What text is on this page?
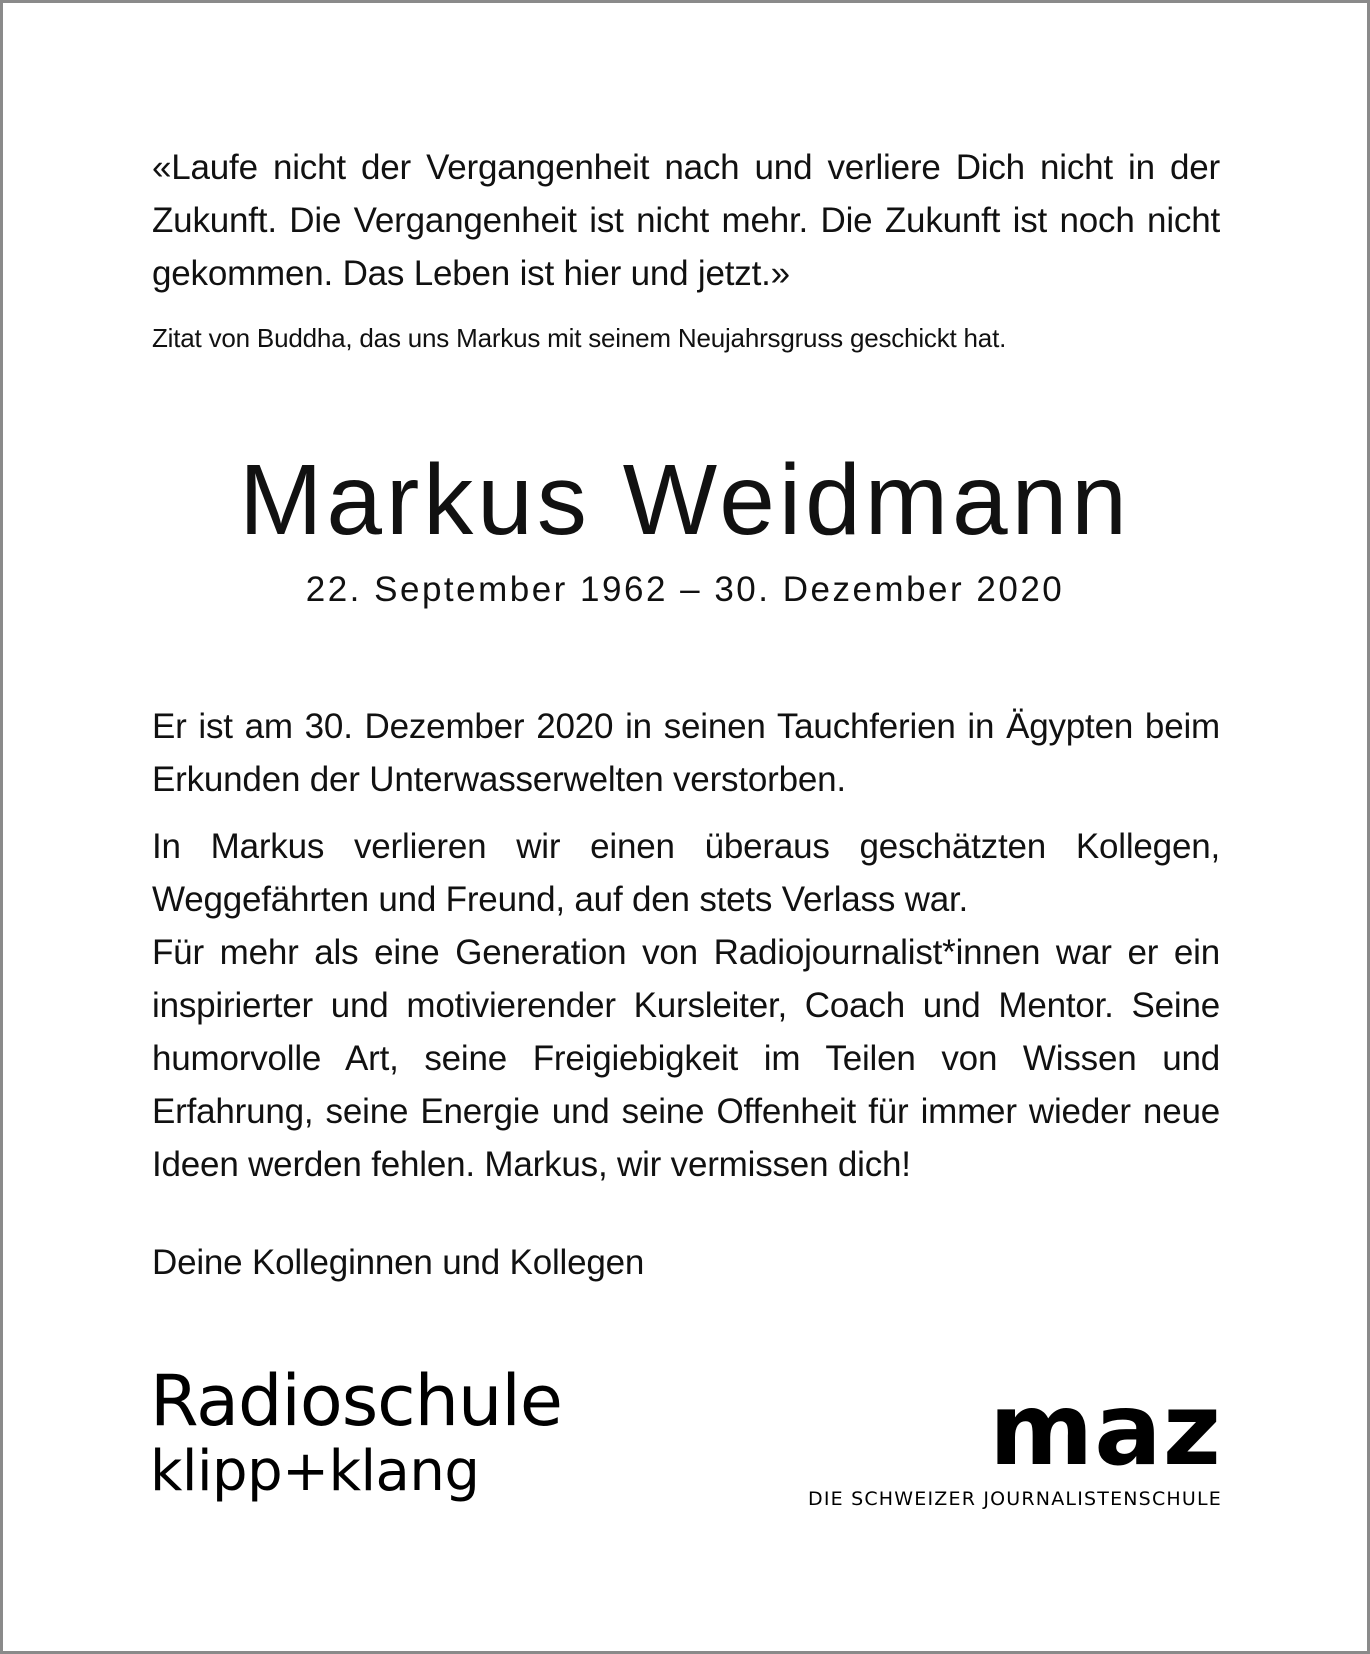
«Laufe nicht der Vergangenheit nach und verliere Dich nicht in der Zukunft. Die Vergangenheit ist nicht mehr. Die Zukunft ist noch nicht gekommen. Das Leben ist hier und jetzt.»
Zitat von Buddha, das uns Markus mit seinem Neujahrsgruss geschickt hat.
Markus Weidmann
22. September 1962 – 30. Dezember 2020

Er ist am 30. Dezember 2020 in seinen Tauchferien in Ägypten beim Erkunden der Unterwasserwelten verstorben.

In Markus verlieren wir einen überaus geschätzten Kollegen, Weggefährten und Freund, auf den stets Verlass war.

Für mehr als eine Generation von Radiojournalist*innen war er ein inspirierter und motivierender Kursleiter, Coach und Mentor. Seine humorvolle Art, seine Freigiebigkeit im Teilen von Wissen und Erfahrung, seine Energie und seine Offenheit für immer wieder neue Ideen werden fehlen. Markus, wir vermissen dich!

Deine Kolleginnen und Kollegen
Radioschule
klipp+klang	maz
DIE SCHWEIZER JOURNALISTENSCHULE
